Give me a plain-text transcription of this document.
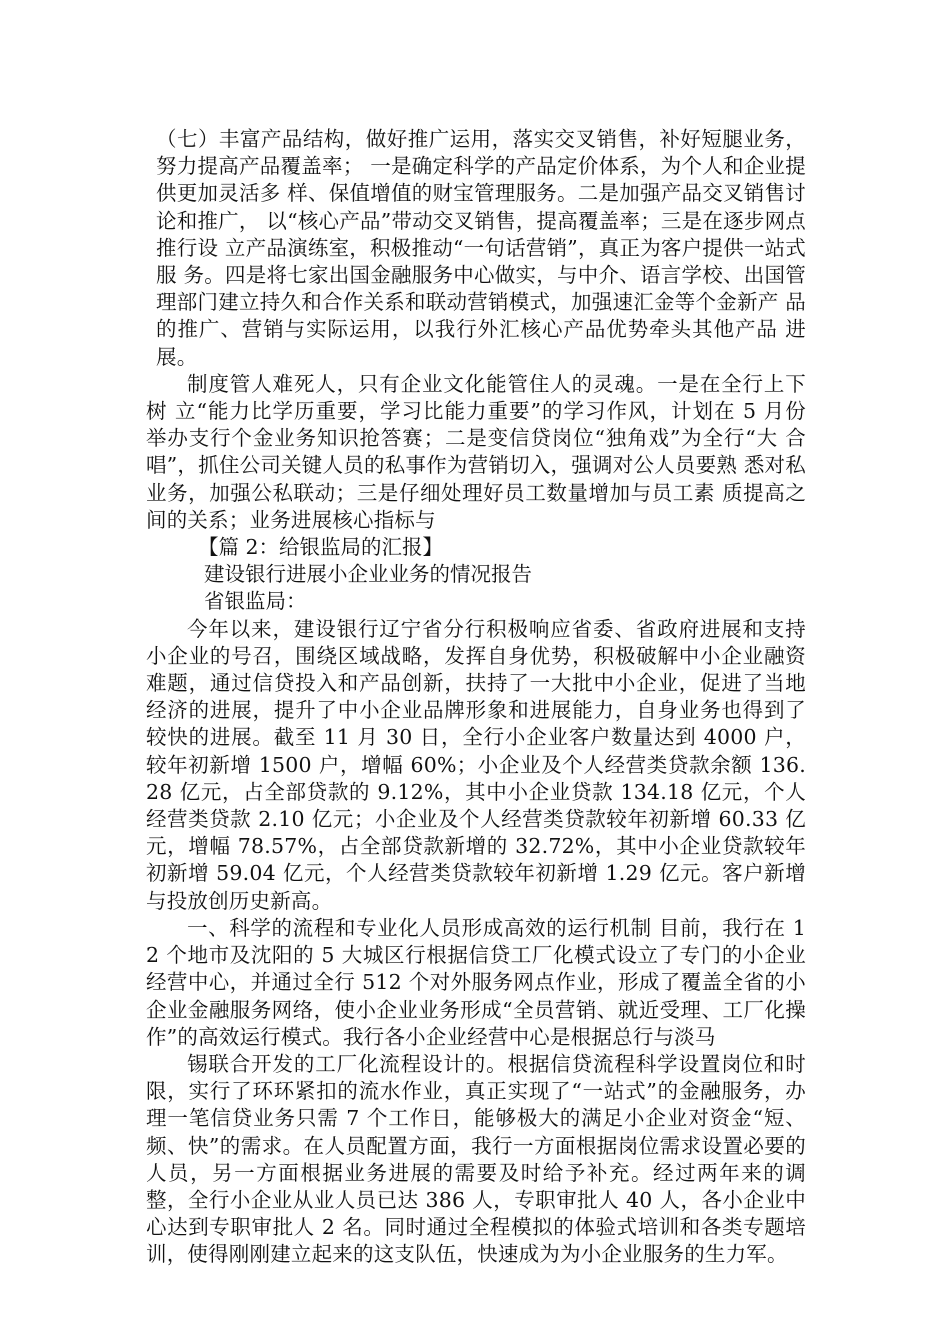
（七）丰富产品结构，做好推广运用，落实交叉销售，补好短腿业务，努力提高产品覆盖率； 一是确定科学的产品定价体系，为个人和企业提供更加灵活多 样、保值增值的财宝管理服务。二是加强产品交叉销售讨论和推广， 以“核心产品”带动交叉销售，提高覆盖率；三是在逐步网点推行设 立产品演练室，积极推动“一句话营销”，真正为客户提供一站式服 务。四是将七家出国金融服务中心做实，与中介、语言学校、出国管 理部门建立持久和合作关系和联动营销模式，加强速汇金等个金新产 品的推广、营销与实际运用，以我行外汇核心产品优势牵头其他产品 进展。

制度管人难死人，只有企业文化能管住人的灵魂。一是在全行上下树 立“能力比学历重要，学习比能力重要”的学习作风，计划在 5 月份 举办支行个金业务知识抢答赛；二是变信贷岗位“独角戏”为全行“大 合唱”，抓住公司关键人员的私事作为营销切入，强调对公人员要熟 悉对私业务，加强公私联动；三是仔细处理好员工数量增加与员工素 质提高之间的关系；业务进展核心指标与

【篇 2：给银监局的汇报】

建设银行进展小企业业务的情况报告

省银监局：

今年以来，建设银行辽宁省分行积极响应省委、省政府进展和支持小企业的号召，围绕区域战略，发挥自身优势，积极破解中小企业融资难题，通过信贷投入和产品创新，扶持了一大批中小企业，促进了当地经济的进展，提升了中小企业品牌形象和进展能力，自身业务也得到了较快的进展。截至 11 月 30 日，全行小企业客户数量达到 4000 户，较年初新增 1500 户，增幅 60%；小企业及个人经营类贷款余额 136.28 亿元，占全部贷款的 9.12%，其中小企业贷款 134.18 亿元，个人经营类贷款 2.10 亿元；小企业及个人经营类贷款较年初新增 60.33 亿元，增幅 78.57%，占全部贷款新增的 32.72%，其中小企业贷款较年初新增 59.04 亿元，个人经营类贷款较年初新增 1.29 亿元。客户新增与投放创历史新高。

一、科学的流程和专业化人员形成高效的运行机制 目前，我行在 12 个地市及沈阳的 5 大城区行根据信贷工厂化模式设立了专门的小企业经营中心，并通过全行 512 个对外服务网点作业，形成了覆盖全省的小企业金融服务网络，使小企业业务形成“全员营销、就近受理、工厂化操作”的高效运行模式。我行各小企业经营中心是根据总行与淡马

锡联合开发的工厂化流程设计的。根据信贷流程科学设置岗位和时限，实行了环环紧扣的流水作业，真正实现了“一站式”的金融服务，办理一笔信贷业务只需 7 个工作日，能够极大的满足小企业对资金“短、频、快”的需求。在人员配置方面，我行一方面根据岗位需求设置必要的人员，另一方面根据业务进展的需要及时给予补充。经过两年来的调整，全行小企业从业人员已达 386 人，专职审批人 40 人，各小企业中心达到专职审批人 2 名。同时通过全程模拟的体验式培训和各类专题培训，使得刚刚建立起来的这支队伍，快速成为为小企业服务的生力军。
